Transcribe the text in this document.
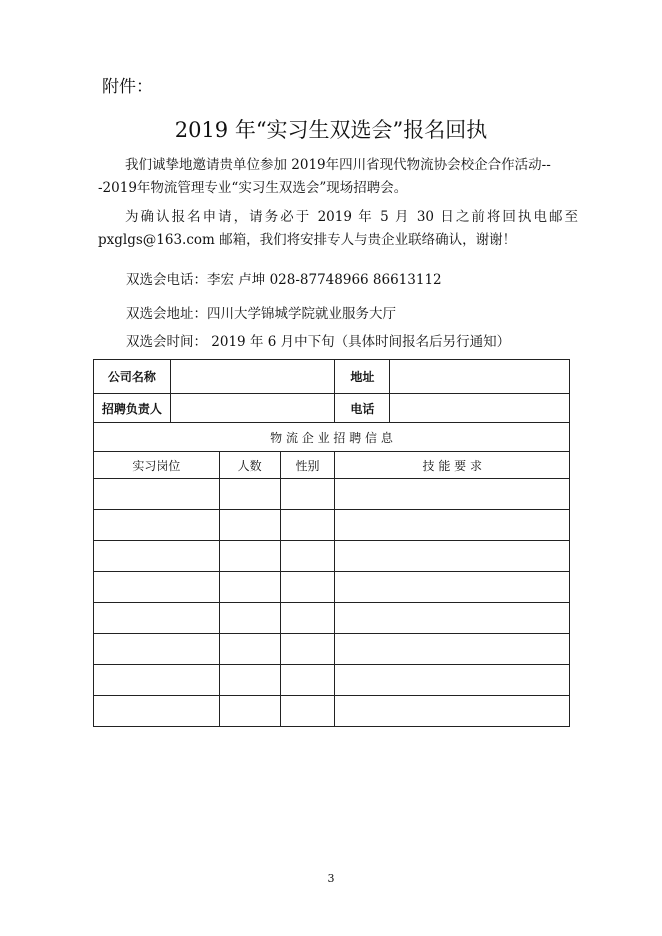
附件：
2019 年“实习生双选会”报名回执
我们诚挚地邀请贵单位参加 2019年四川省现代物流协会校企合作活动---2019年物流管理专业“实习生双选会”现场招聘会。
为确认报名申请，请务必于 2019 年 5 月 30 日之前将回执电邮至 pxglgs@163.com 邮箱，我们将安排专人与贵企业联络确认，谢谢！
双选会电话：李宏 卢坤 028-87748966 86613112
双选会地址：四川大学锦城学院就业服务大厅
双选会时间： 2019 年 6 月中下旬（具体时间报名后另行通知）
公司名称				地址	
招聘负责人				电话	
物 流 企 业 招 聘 信 息					
实习岗位		人数	性别	技 能 要 求	

3
